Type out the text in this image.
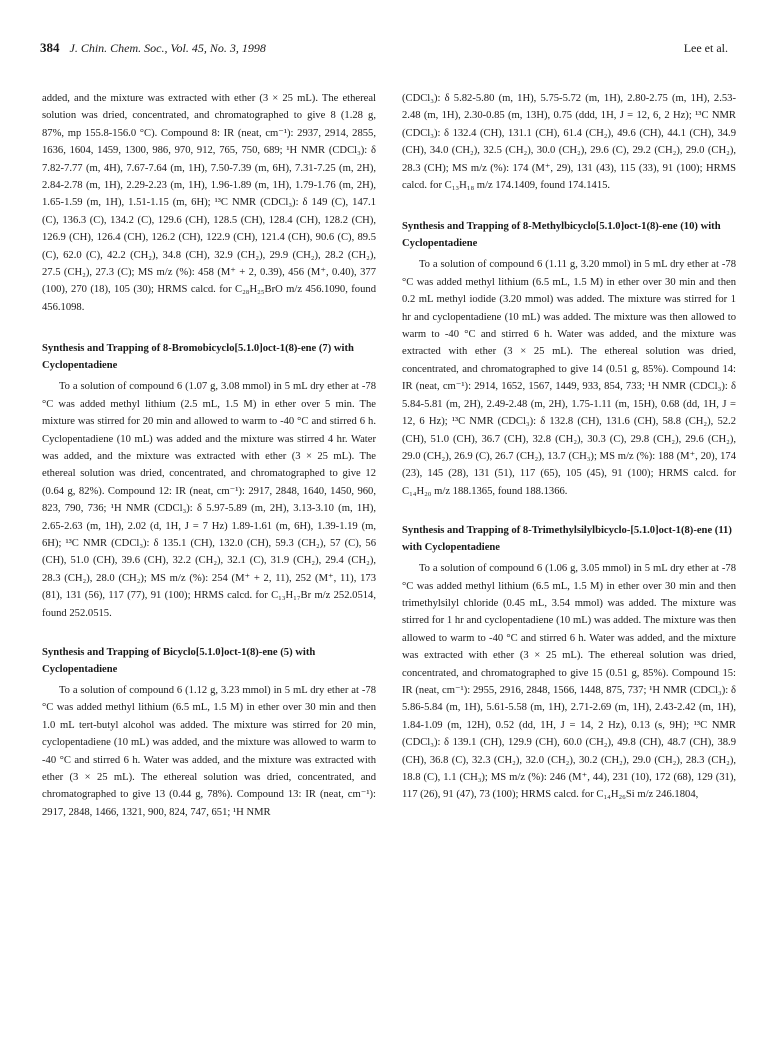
384 J. Chin. Chem. Soc., Vol. 45, No. 3, 1998	Lee et al.

added, and the mixture was extracted with ether (3 × 25 mL). The ethereal solution was dried, concentrated, and chromatographed to give 8 (1.28 g, 87%, mp 155.8-156.0 °C). Compound 8: IR (neat, cm⁻¹): 2937, 2914, 2855, 1636, 1604, 1459, 1300, 986, 970, 912, 765, 750, 689; ¹H NMR (CDCl₃): δ 7.82-7.77 (m, 4H), 7.67-7.64 (m, 1H), 7.50-7.39 (m, 6H), 7.31-7.25 (m, 2H), 2.84-2.78 (m, 1H), 2.29-2.23 (m, 1H), 1.96-1.89 (m, 1H), 1.79-1.76 (m, 2H), 1.65-1.59 (m, 1H), 1.51-1.15 (m, 6H); ¹³C NMR (CDCl₃): δ 149 (C), 147.1 (C), 136.3 (C), 134.2 (C), 129.6 (CH), 128.5 (CH), 128.4 (CH), 128.2 (CH), 126.9 (CH), 126.4 (CH), 126.2 (CH), 122.9 (CH), 121.4 (CH), 90.6 (C), 89.5 (C), 62.0 (C), 42.2 (CH₂), 34.8 (CH), 32.9 (CH₂), 29.9 (CH₂), 28.2 (CH₂), 27.5 (CH₂), 27.3 (C); MS m/z (%): 458 (M⁺ + 2, 0.39), 456 (M⁺, 0.40), 377 (100), 270 (18), 105 (30); HRMS calcd. for C₂₈H₂₅BrO m/z 456.1090, found 456.1098.

Synthesis and Trapping of 8-Bromobicyclo[5.1.0]oct-1(8)-ene (7) with Cyclopentadiene

To a solution of compound 6 (1.07 g, 3.08 mmol) in 5 mL dry ether at -78 °C was added methyl lithium (2.5 mL, 1.5 M) in ether over 5 min. The mixture was stirred for 20 min and allowed to warm to -40 °C and stirred 6 h. Cyclopentadiene (10 mL) was added and the mixture was stirred 4 hr. Water was added, and the mixture was extracted with ether (3 × 25 mL). The ethereal solution was dried, concentrated, and chromatographed to give 12 (0.64 g, 82%). Compound 12: IR (neat, cm⁻¹): 2917, 2848, 1640, 1450, 960, 823, 790, 736; ¹H NMR (CDCl₃): δ 5.97-5.89 (m, 2H), 3.13-3.10 (m, 1H), 2.65-2.63 (m, 1H), 2.02 (d, 1H, J = 7 Hz) 1.89-1.61 (m, 6H), 1.39-1.19 (m, 6H); ¹³C NMR (CDCl₃): δ 135.1 (CH), 132.0 (CH), 59.3 (CH₂), 57 (C), 56 (CH), 51.0 (CH), 39.6 (CH), 32.2 (CH₂), 32.1 (C), 31.9 (CH₂), 29.4 (CH₂), 28.3 (CH₂), 28.0 (CH₂); MS m/z (%): 254 (M⁺ + 2, 11), 252 (M⁺, 11), 173 (81), 131 (56), 117 (77), 91 (100); HRMS calcd. for C₁₃H₁₇Br m/z 252.0514, found 252.0515.

Synthesis and Trapping of Bicyclo[5.1.0]oct-1(8)-ene (5) with Cyclopentadiene

To a solution of compound 6 (1.12 g, 3.23 mmol) in 5 mL dry ether at -78 °C was added methyl lithium (6.5 mL, 1.5 M) in ether over 30 min and then 1.0 mL tert-butyl alcohol was added. The mixture was stirred for 20 min, cyclopentadiene (10 mL) was added, and the mixture was allowed to warm to -40 °C and stirred 6 h. Water was added, and the mixture was extracted with ether (3 × 25 mL). The ethereal solution was dried, concentrated, and chromatographed to give 13 (0.44 g, 78%). Compound 13: IR (neat, cm⁻¹): 2917, 2848, 1466, 1321, 900, 824, 747, 651; ¹H NMR

(CDCl₃): δ 5.82-5.80 (m, 1H), 5.75-5.72 (m, 1H), 2.80-2.75 (m, 1H), 2.53-2.48 (m, 1H), 2.30-0.85 (m, 13H), 0.75 (ddd, 1H, J = 12, 6, 2 Hz); ¹³C NMR (CDCl₃): δ 132.4 (CH), 131.1 (CH), 61.4 (CH₂), 49.6 (CH), 44.1 (CH), 34.9 (CH), 34.0 (CH₂), 32.5 (CH₂), 30.0 (CH₂), 29.6 (C), 29.2 (CH₂), 29.0 (CH₂), 28.3 (CH); MS m/z (%): 174 (M⁺, 29), 131 (43), 115 (33), 91 (100); HRMS calcd. for C₁₃H₁₈ m/z 174.1409, found 174.1415.

Synthesis and Trapping of 8-Methylbicyclo[5.1.0]oct-1(8)-ene (10) with Cyclopentadiene

To a solution of compound 6 (1.11 g, 3.20 mmol) in 5 mL dry ether at -78 °C was added methyl lithium (6.5 mL, 1.5 M) in ether over 30 min and then 0.2 mL methyl iodide (3.20 mmol) was added. The mixture was stirred for 1 hr and cyclopentadiene (10 mL) was added. The mixture was then allowed to warm to -40 °C and stirred 6 h. Water was added, and the mixture was extracted with ether (3 × 25 mL). The ethereal solution was dried, concentrated, and chromatographed to give 14 (0.51 g, 85%). Compound 14: IR (neat, cm⁻¹): 2914, 1652, 1567, 1449, 933, 854, 733; ¹H NMR (CDCl₃): δ 5.84-5.81 (m, 2H), 2.49-2.48 (m, 2H), 1.75-1.11 (m, 15H), 0.68 (dd, 1H, J = 12, 6 Hz); ¹³C NMR (CDCl₃): δ 132.8 (CH), 131.6 (CH), 58.8 (CH₂), 52.2 (CH), 51.0 (CH), 36.7 (CH), 32.8 (CH₂), 30.3 (C), 29.8 (CH₂), 29.6 (CH₂), 29.0 (CH₂), 26.9 (C), 26.7 (CH₂), 13.7 (CH₃); MS m/z (%): 188 (M⁺, 20), 174 (23), 145 (28), 131 (51), 117 (65), 105 (45), 91 (100); HRMS calcd. for C₁₄H₂₀ m/z 188.1365, found 188.1366.

Synthesis and Trapping of 8-Trimethylsilylbicyclo-[5.1.0]oct-1(8)-ene (11) with Cyclopentadiene

To a solution of compound 6 (1.06 g, 3.05 mmol) in 5 mL dry ether at -78 °C was added methyl lithium (6.5 mL, 1.5 M) in ether over 30 min and then trimethylsilyl chloride (0.45 mL, 3.54 mmol) was added. The mixture was stirred for 1 hr and cyclopentadiene (10 mL) was added. The mixture was then allowed to warm to -40 °C and stirred 6 h. Water was added, and the mixture was extracted with ether (3 × 25 mL). The ethereal solution was dried, concentrated, and chromatographed to give 15 (0.51 g, 85%). Compound 15: IR (neat, cm⁻¹): 2955, 2916, 2848, 1566, 1448, 875, 737; ¹H NMR (CDCl₃): δ 5.86-5.84 (m, 1H), 5.61-5.58 (m, 1H), 2.71-2.69 (m, 1H), 2.43-2.42 (m, 1H), 1.84-1.09 (m, 12H), 0.52 (dd, 1H, J = 14, 2 Hz), 0.13 (s, 9H); ¹³C NMR (CDCl₃): δ 139.1 (CH), 129.9 (CH), 60.0 (CH₂), 49.8 (CH), 48.7 (CH), 38.9 (CH), 36.8 (C), 32.3 (CH₂), 32.0 (CH₂), 30.2 (CH₂), 29.0 (CH₂), 28.3 (CH₂), 18.8 (C), 1.1 (CH₃); MS m/z (%): 246 (M⁺, 44), 231 (10), 172 (68), 129 (31), 117 (26), 91 (47), 73 (100); HRMS calcd. for C₁₄H₂₆Si m/z 246.1804,
